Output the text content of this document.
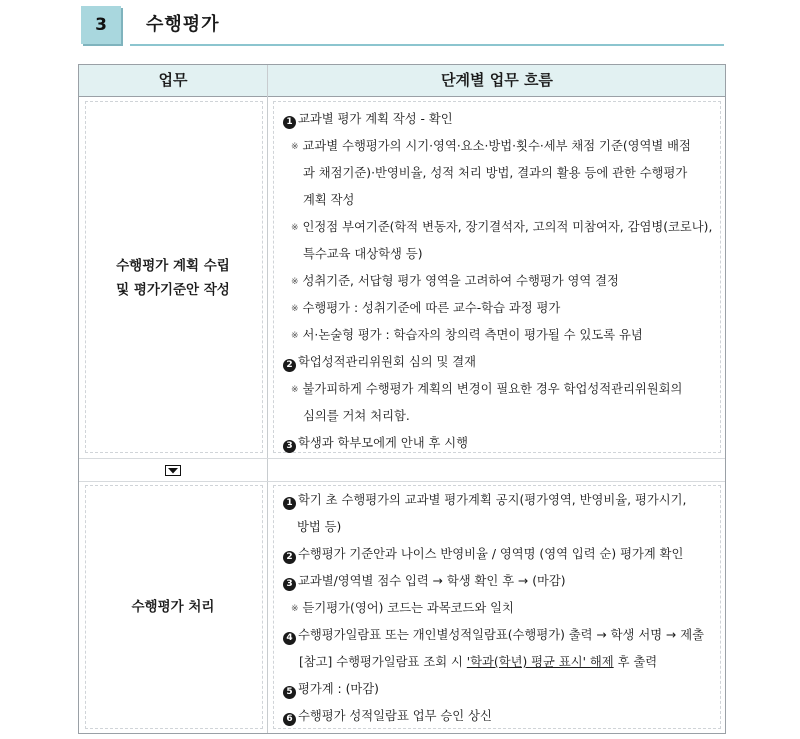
3 수행평가
업무	단계별 업무 흐름
수행평가 계획 수립
및 평가기준안 작성
1 교과별 평가 계획 작성 - 확인
※ 교과별 수행평가의 시기·영역·요소·방법·횟수·세부 채점 기준(영역별 배점
과 채점기준)·반영비율, 성적 처리 방법, 결과의 활용 등에 관한 수행평가
계획 작성
※ 인정점 부여기준(학적 변동자, 장기결석자, 고의적 미참여자, 감염병(코로나),
특수교육 대상학생 등)
※ 성취기준, 서답형 평가 영역을 고려하여 수행평가 영역 결정
※ 수행평가 : 성취기준에 따른 교수-학습 과정 평가
※ 서·논술형 평가 : 학습자의 창의력 측면이 평가될 수 있도록 유념
2 학업성적관리위원회 심의 및 결재
※ 불가피하게 수행평가 계획의 변경이 필요한 경우 학업성적관리위원회의
심의를 거쳐 처리함.
3 학생과 학부모에게 안내 후 시행
수행평가 처리
1 학기 초 수행평가의 교과별 평가계획 공지(평가영역, 반영비율, 평가시기,
방법 등)
2 수행평가 기준안과 나이스 반영비율 / 영역명 (영역 입력 순) 평가계 확인
3 교과별/영역별 점수 입력 → 학생 확인 후 → (마감)
※ 듣기평가(영어) 코드는 과목코드와 일치
4 수행평가일람표 또는 개인별성적일람표(수행평가) 출력 → 학생 서명 → 제출
[참고] 수행평가일람표 조회 시 '학과(학년) 평균 표시' 해제 후 출력
5 평가계 : (마감)
6 수행평가 성적일람표 업무 승인 상신
